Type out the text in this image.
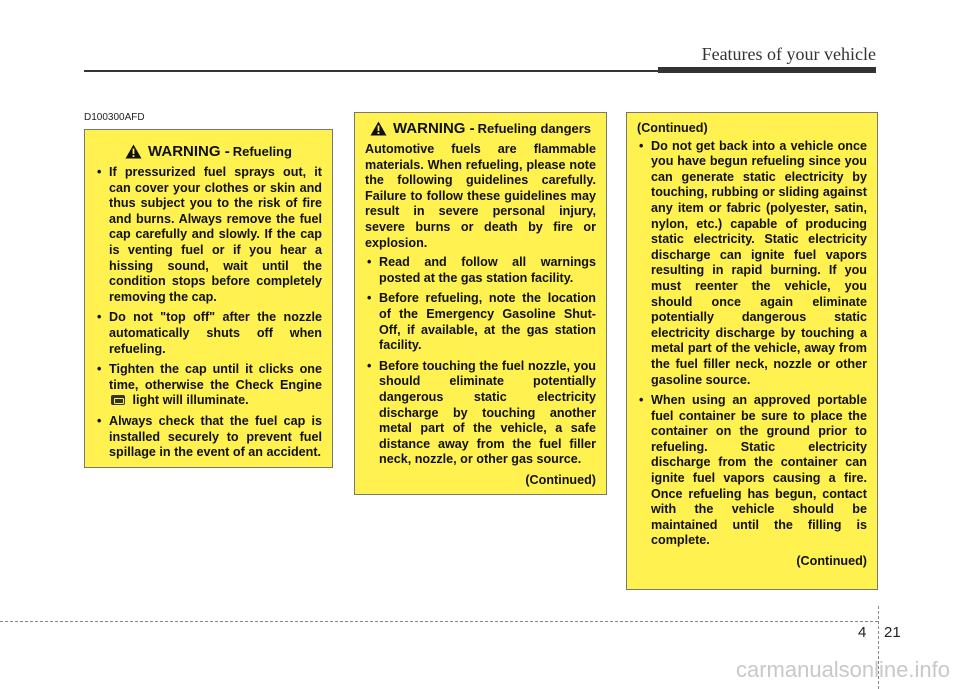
Features of your vehicle
D100300AFD
WARNING - Refueling
• If pressurized fuel sprays out, it can cover your clothes or skin and thus subject you to the risk of fire and burns. Always remove the fuel cap carefully and slowly. If the cap is venting fuel or if you hear a hissing sound, wait until the condition stops before completely removing the cap.
• Do not "top off" after the nozzle automatically shuts off when refueling.
• Tighten the cap until it clicks one time, otherwise the Check Engine  light will illuminate.
• Always check that the fuel cap is installed securely to prevent fuel spillage in the event of an accident.
WARNING - Refueling dangers
Automotive fuels are flammable materials. When refueling, please note the following guidelines carefully. Failure to follow these guidelines may result in severe personal injury, severe burns or death by fire or explosion.
• Read and follow all warnings posted at the gas station facility.
• Before refueling, note the location of the Emergency Gasoline Shut-Off, if available, at the gas station facility.
• Before touching the fuel nozzle, you should eliminate potentially dangerous static electricity discharge by touching another metal part of the vehicle, a safe distance away from the fuel filler neck, nozzle, or other gas source.
(Continued)
(Continued)
• Do not get back into a vehicle once you have begun refueling since you can generate static electricity by touching, rubbing or sliding against any item or fabric (polyester, satin, nylon, etc.) capable of producing static electricity. Static electricity discharge can ignite fuel vapors resulting in rapid burning. If you must reenter the vehicle, you should once again eliminate potentially dangerous static electricity discharge by touching a metal part of the vehicle, away from the fuel filler neck, nozzle or other gasoline source.
• When using an approved portable fuel container be sure to place the container on the ground prior to refueling. Static electricity discharge from the container can ignite fuel vapors causing a fire. Once refueling has begun, contact with the vehicle should be maintained until the filling is complete.
(Continued)
4 21
carmanualsonline.info
